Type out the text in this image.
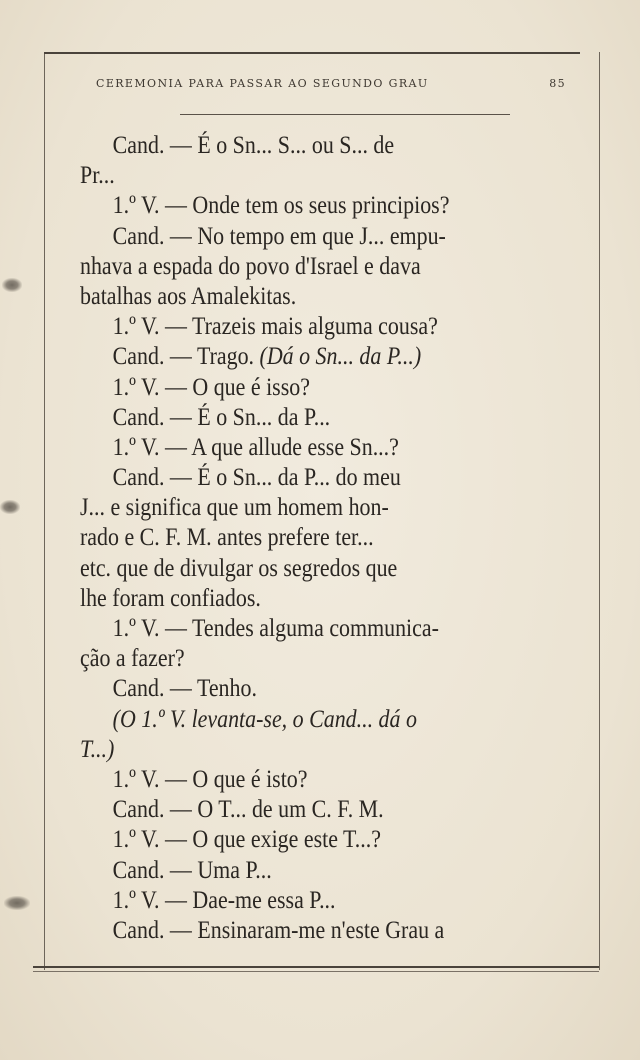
CEREMONIA PARA PASSAR AO SEGUNDO GRAU	85
Cand. — É o Sn... S... ou S... de
Pr...
1.º V. — Onde tem os seus principios?
Cand. — No tempo em que J... empu-
nhava a espada do povo d'Israel e dava
batalhas aos Amalekitas.
1.º V. — Trazeis mais alguma cousa?
Cand. — Trago. (Dá o Sn... da P...)
1.º V. — O que é isso?
Cand. — É o Sn... da P...
1.º V. — A que allude esse Sn...?
Cand. — É o Sn... da P... do meu
J... e significa que um homem hon-
rado e C. F. M. antes prefere ter...
etc. que de divulgar os segredos que
lhe foram confiados.
1.º V. — Tendes alguma communica-
ção a fazer?
Cand. — Tenho.
(O 1.º V. levanta-se, o Cand... dá o
T...)
1.º V. — O que é isto?
Cand. — O T... de um C. F. M.
1.º V. — O que exige este T...?
Cand. — Uma P...
1.º V. — Dae-me essa P...
Cand. — Ensinaram-me n'este Grau a
